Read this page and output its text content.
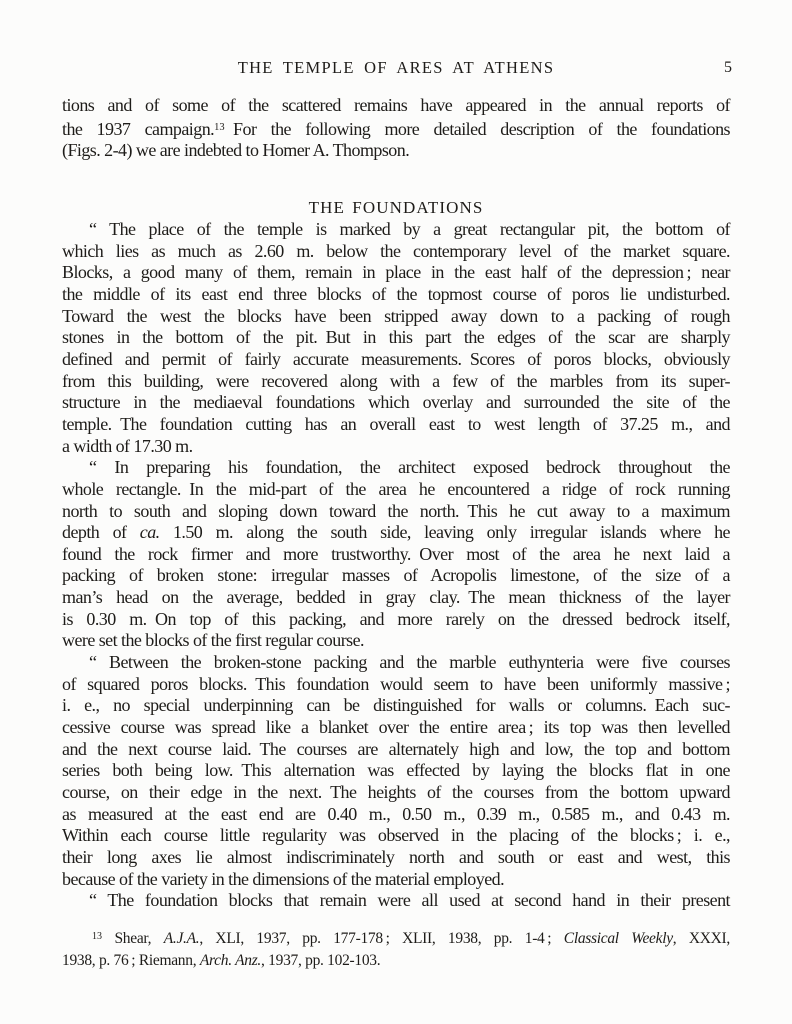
THE TEMPLE OF ARES AT ATHENS	5
tions and of some of the scattered remains have appeared in the annual reports of
the 1937 campaign.$^{13}$ For the following more detailed description of the foundations
(Figs. 2-4) we are indebted to Homer A. Thompson.
THE FOUNDATIONS
“ The place of the temple is marked by a great rectangular pit, the bottom of
which lies as much as 2.60 m. below the contemporary level of the market square.
Blocks, a good many of them, remain in place in the east half of the depression ; near
the middle of its east end three blocks of the topmost course of poros lie undisturbed.
Toward the west the blocks have been stripped away down to a packing of rough
stones in the bottom of the pit. But in this part the edges of the scar are sharply
defined and permit of fairly accurate measurements. Scores of poros blocks, obviously
from this building, were recovered along with a few of the marbles from its super-
structure in the mediaeval foundations which overlay and surrounded the site of the
temple. The foundation cutting has an overall east to west length of 37.25 m., and
a width of 17.30 m.
“ In preparing his foundation, the architect exposed bedrock throughout the
whole rectangle. In the mid-part of the area he encountered a ridge of rock running
north to south and sloping down toward the north. This he cut away to a maximum
depth of ca. 1.50 m. along the south side, leaving only irregular islands where he
found the rock firmer and more trustworthy. Over most of the area he next laid a
packing of broken stone: irregular masses of Acropolis limestone, of the size of a
man’s head on the average, bedded in gray clay. The mean thickness of the layer
is 0.30 m. On top of this packing, and more rarely on the dressed bedrock itself,
were set the blocks of the first regular course.
“ Between the broken-stone packing and the marble euthynteria were five courses
of squared poros blocks. This foundation would seem to have been uniformly massive ;
i. e., no special underpinning can be distinguished for walls or columns. Each suc-
cessive course was spread like a blanket over the entire area ; its top was then levelled
and the next course laid. The courses are alternately high and low, the top and bottom
series both being low. This alternation was effected by laying the blocks flat in one
course, on their edge in the next. The heights of the courses from the bottom upward
as measured at the east end are 0.40 m., 0.50 m., 0.39 m., 0.585 m., and 0.43 m.
Within each course little regularity was observed in the placing of the blocks ; i. e.,
their long axes lie almost indiscriminately north and south or east and west, this
because of the variety in the dimensions of the material employed.
“ The foundation blocks that remain were all used at second hand in their present
$^{13}$ Shear, A.J.A., XLI, 1937, pp. 177-178 ; XLII, 1938, pp. 1-4 ; Classical Weekly, XXXI,
1938, p. 76 ; Riemann, Arch. Anz., 1937, pp. 102-103.
